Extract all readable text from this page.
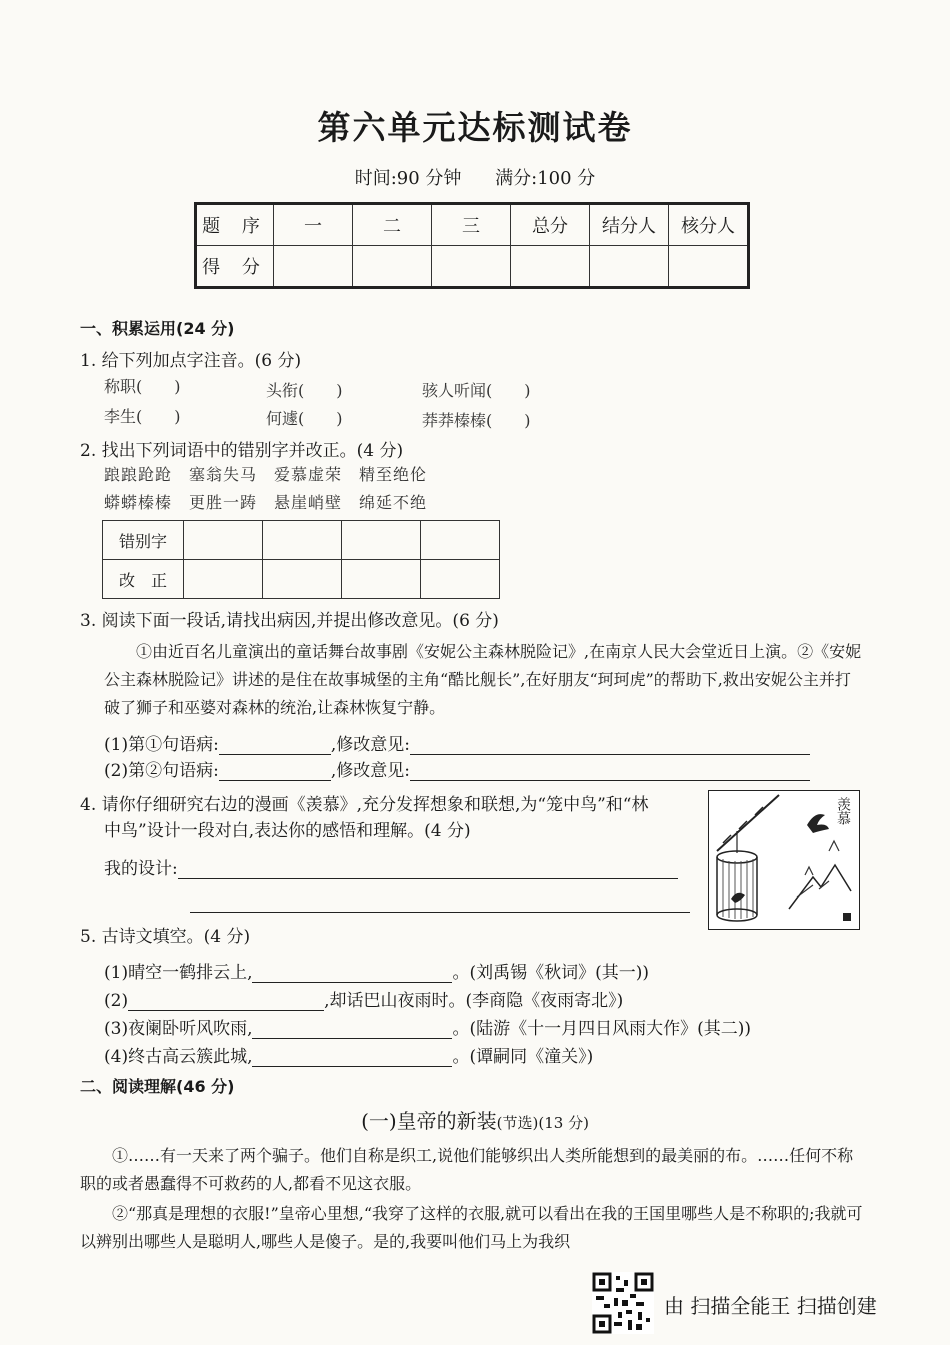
第六单元达标测试卷
时间:90 分钟 满分:100 分
题 序	一	二	三	总分	结分人	核分人
得 分						
一、积累运用(24 分)
1. 给下列加点字注音。(6 分)
称职(　　)	头衔(　　)	骇人听闻(　　)
李生(　　)	何遽(　　)	莽莽榛榛(　　)
2. 找出下列词语中的错别字并改正。(4 分)
踉踉跄跄　塞翁失马　爱慕虚荣　精至绝伦
蟒蟒榛榛　更胜一踌　悬崖峭壁　绵延不绝
错别字				
改　正				
3. 阅读下面一段话,请找出病因,并提出修改意见。(6 分)
①由近百名儿童演出的童话舞台故事剧《安妮公主森林脱险记》,在南京人民大会堂近日上演。②《安妮公主森林脱险记》讲述的是住在故事城堡的主角“酷比舰长”,在好朋友“珂珂虎”的帮助下,救出安妮公主并打破了狮子和巫婆对森林的统治,让森林恢复宁静。
(1)第①句语病:	,修改意见:
(2)第②句语病:	,修改意见:
4. 请你仔细研究右边的漫画《羡慕》,充分发挥想象和联想,为“笼中鸟”和“林
中鸟”设计一段对白,表达你的感悟和理解。(4 分)
我的设计:
羡慕
5. 古诗文填空。(4 分)
(1)晴空一鹤排云上,	。(刘禹锡《秋词》(其一))
(2)	,却话巴山夜雨时。(李商隐《夜雨寄北》)
(3)夜阑卧听风吹雨,	。(陆游《十一月四日风雨大作》(其二))
(4)终古高云簇此城,	。(谭嗣同《潼关》)
二、阅读理解(46 分)
(一)皇帝的新装(节选)(13 分)
①……有一天来了两个骗子。他们自称是织工,说他们能够织出人类所能想到的最美丽的布。……任何不称职的或者愚蠢得不可救药的人,都看不见这衣服。
②“那真是理想的衣服!”皇帝心里想,“我穿了这样的衣服,就可以看出在我的王国里哪些人是不称职的;我就可以辨别出哪些人是聪明人,哪些人是傻子。是的,我要叫他们马上为我织
由 扫描全能王 扫描创建
